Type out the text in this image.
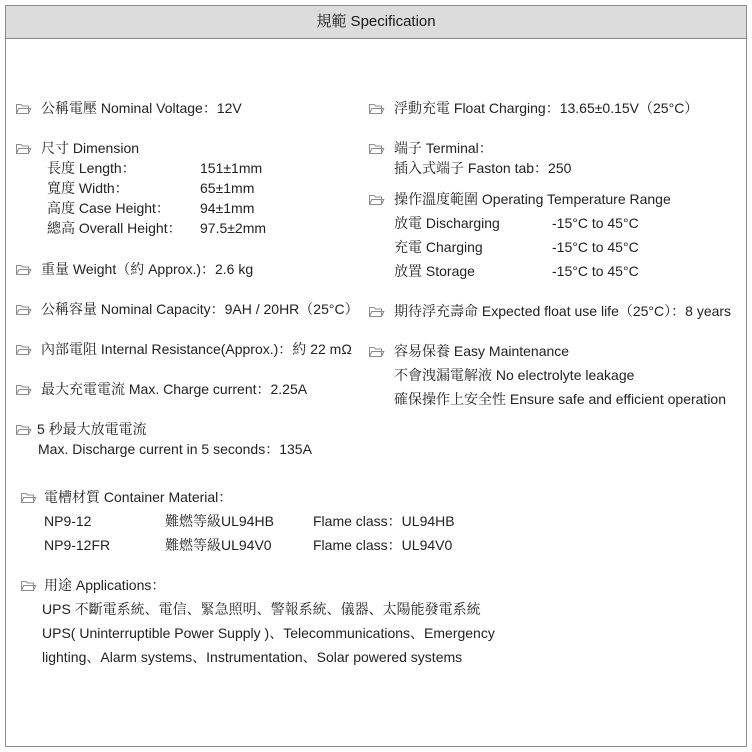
規範 Specification
公稱電壓 Nominal Voltage：12V
尺寸 Dimension
長度 Length：	151±1mm
寬度 Width：	65±1mm
高度 Case Height： 94±1mm
總高 Overall Height： 97.5±2mm
重量 Weight（約 Approx.)：2.6 kg
公稱容量 Nominal Capacity：9AH / 20HR（25°C）
內部電阻 Internal Resistance(Approx.)：約 22 mΩ
最大充電電流 Max. Charge current：2.25A
5 秒最大放電電流
Max. Discharge current in 5 seconds：135A
浮動充電 Float Charging：13.65±0.15V（25°C）
端子 Terminal：
插入式端子 Faston tab：250
操作溫度範圍 Operating Temperature Range
放電 Discharging	-15°C to 45°C
充電 Charging	-15°C to 45°C
放置 Storage	-15°C to 45°C
期待浮充壽命 Expected float use life（25°C）：8 years
容易保養 Easy Maintenance
不會洩漏電解液 No electrolyte leakage
確保操作上安全性 Ensure safe and efficient operation
電槽材質 Container Material：
NP9-12	難燃等級UL94HB	Flame class：UL94HB
NP9-12FR	難燃等級UL94V0	Flame class：UL94V0
用途 Applications：
UPS 不斷電系統、電信、緊急照明、警報系統、儀器、太陽能發電系統
UPS( Uninterruptible Power Supply )、Telecommunications、Emergency
lighting、Alarm systems、Instrumentation、Solar powered systems
